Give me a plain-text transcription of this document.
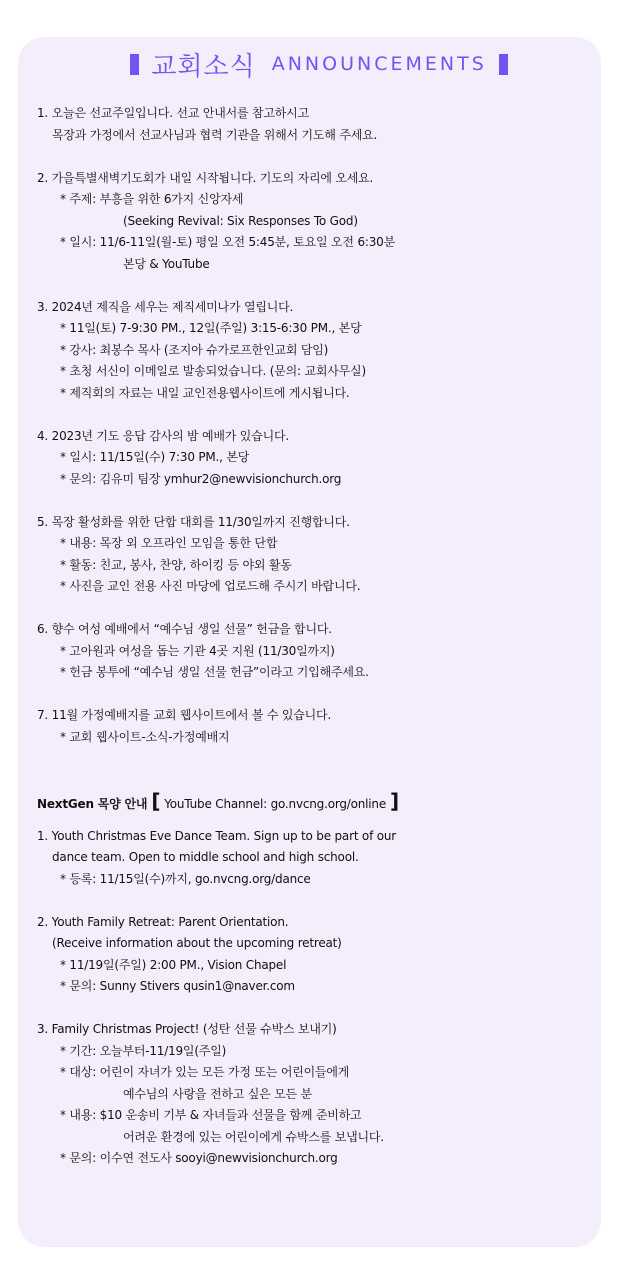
교회소식 ANNOUNCEMENTS
1. 오늘은 선교주일입니다. 선교 안내서를 참고하시고
목장과 가정에서 선교사님과 협력 기관을 위해서 기도해 주세요.
2. 가을특별새벽기도회가 내일 시작됩니다. 기도의 자리에 오세요.
* 주제: 부흥을 위한 6가지 신앙자세
(Seeking Revival: Six Responses To God)
* 일시: 11/6-11일(월-토) 평일 오전 5:45분, 토요일 오전 6:30분
본당 & YouTube
3. 2024년 제직을 세우는 제직세미나가 열립니다.
* 11일(토) 7-9:30 PM., 12일(주일) 3:15-6:30 PM., 본당
* 강사: 최봉수 목사 (조지아 슈가로프한인교회 담임)
* 초청 서신이 이메일로 발송되었습니다. (문의: 교회사무실)
* 제직회의 자료는 내일 교인전용웹사이트에 게시됩니다.
4. 2023년 기도 응답 감사의 밤 예배가 있습니다.
* 일시: 11/15일(수) 7:30 PM., 본당
* 문의: 김유미 팀장 ymhur2@newvisionchurch.org
5. 목장 활성화를 위한 단합 대회를 11/30일까지 진행합니다.
* 내용: 목장 외 오프라인 모임을 통한 단합
* 활동: 친교, 봉사, 찬양, 하이킹 등 야외 활동
* 사진을 교인 전용 사진 마당에 업로드해 주시기 바랍니다.
6. 향수 여성 예배에서 “예수님 생일 선물” 헌금을 합니다.
* 고아원과 여성을 돕는 기관 4곳 지원 (11/30일까지)
* 헌금 봉투에 “예수님 생일 선물 헌금”이라고 기입해주세요.
7. 11월 가정예배지를 교회 웹사이트에서 볼 수 있습니다.
* 교회 웹사이트-소식-가정예배지
NextGen 목양 안내 [ YouTube Channel: go.nvcng.org/online ]
1. Youth Christmas Eve Dance Team. Sign up to be part of our
dance team. Open to middle school and high school.
* 등록: 11/15일(수)까지, go.nvcng.org/dance
2. Youth Family Retreat: Parent Orientation.
(Receive information about the upcoming retreat)
* 11/19일(주일) 2:00 PM., Vision Chapel
* 문의: Sunny Stivers qusin1@naver.com
3. Family Christmas Project! (성탄 선물 슈박스 보내기)
* 기간: 오늘부터-11/19일(주일)
* 대상: 어린이 자녀가 있는 모든 가정 또는 어린이들에게
예수님의 사랑을 전하고 싶은 모든 분
* 내용: $10 운송비 기부 & 자녀들과 선물을 함께 준비하고
어려운 환경에 있는 어린이에게 슈박스를 보냅니다.
* 문의: 이수연 전도사 sooyi@newvisionchurch.org
